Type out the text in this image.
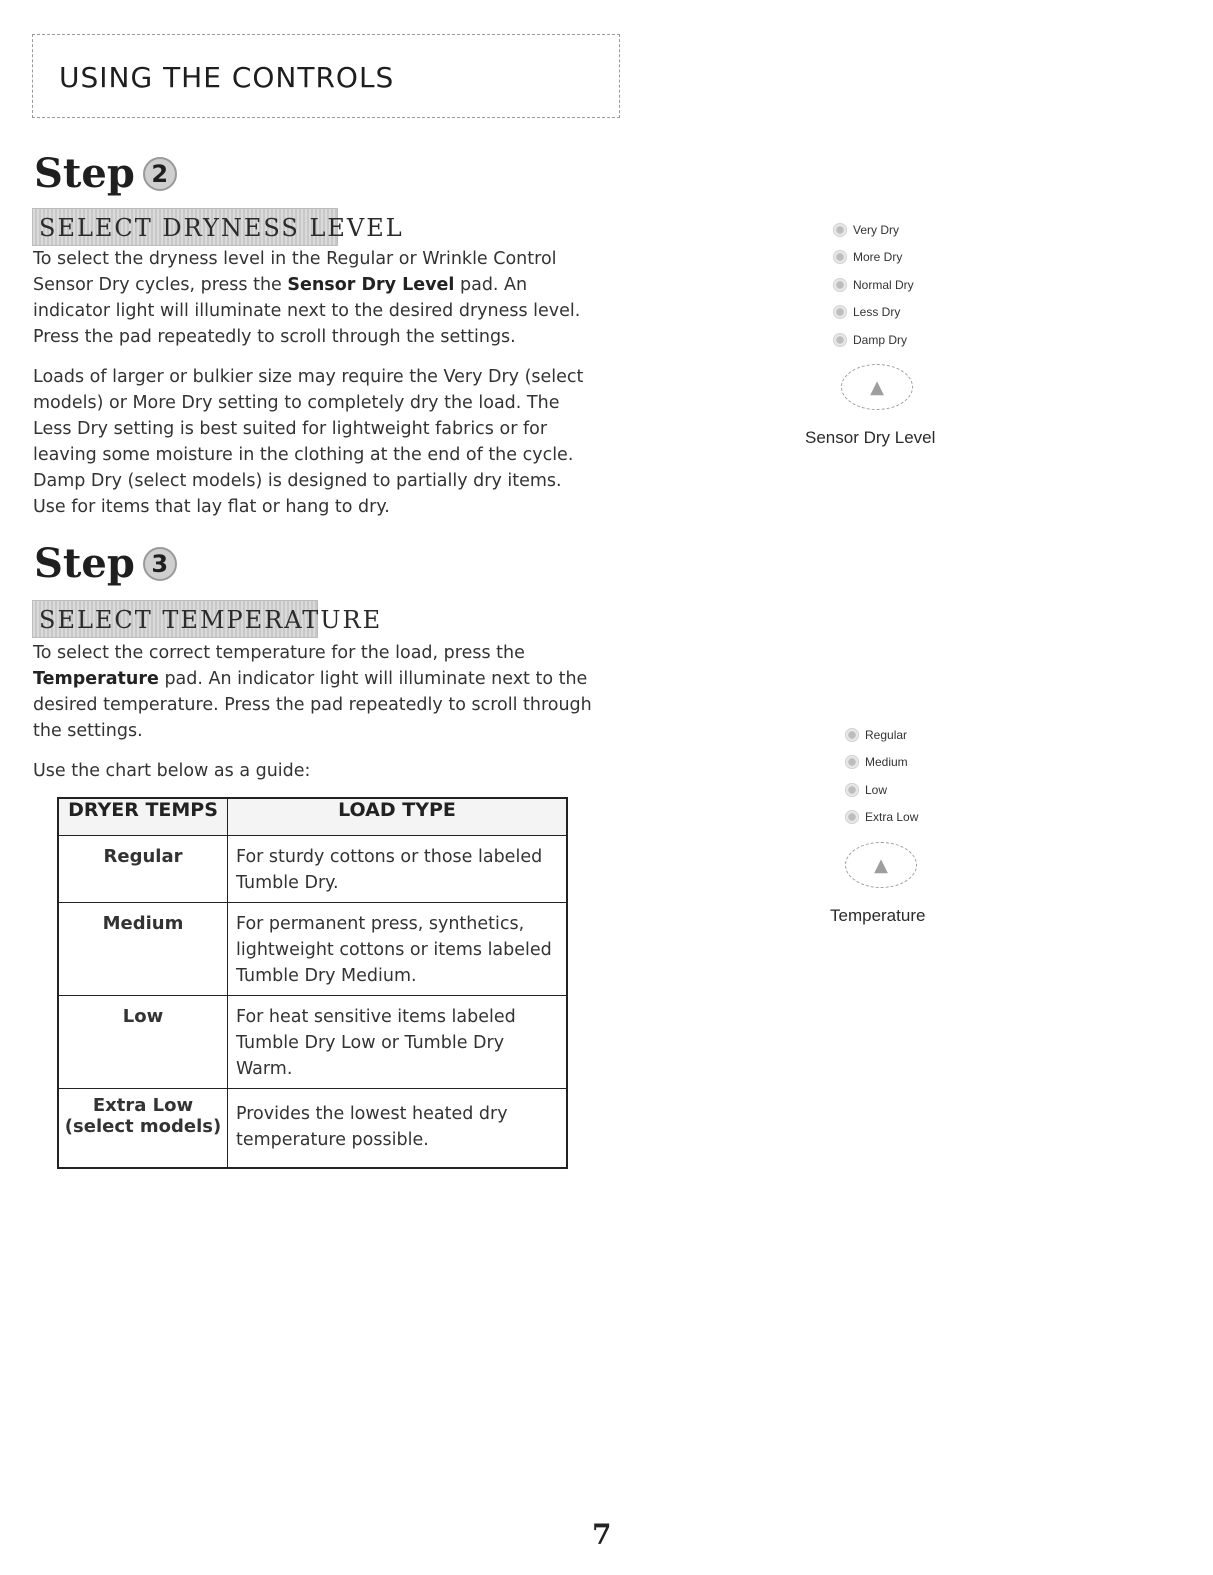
USING THE CONTROLS
Step 2
SELECT DRYNESS LEVEL

To select the dryness level in the Regular or Wrinkle Control Sensor Dry cycles, press the Sensor Dry Level pad. An indicator light will illuminate next to the desired dryness level. Press the pad repeatedly to scroll through the settings.

Loads of larger or bulkier size may require the Very Dry (select models) or More Dry setting to completely dry the load. The Less Dry setting is best suited for lightweight fabrics or for leaving some moisture in the clothing at the end of the cycle. Damp Dry (select models) is designed to partially dry items. Use for items that lay flat or hang to dry.

Very Dry
More Dry
Normal Dry
Less Dry
Damp Dry
▲

Sensor Dry Level

Step 3
SELECT TEMPERATURE

To select the correct temperature for the load, press the Temperature pad. An indicator light will illuminate next to the desired temperature. Press the pad repeatedly to scroll through the settings.

Use the chart below as a guide:

Regular
Medium
Low
Extra Low
▲

Temperature

DRYER TEMPS	LOAD TYPE
Regular	For sturdy cottons or those labeled Tumble Dry.
Medium	For permanent press, synthetics, lightweight cottons or items labeled Tumble Dry Medium.
Low	For heat sensitive items labeled Tumble Dry Low or Tumble Dry Warm.
Extra Low (select models)	Provides the lowest heated dry temperature possible.

7
